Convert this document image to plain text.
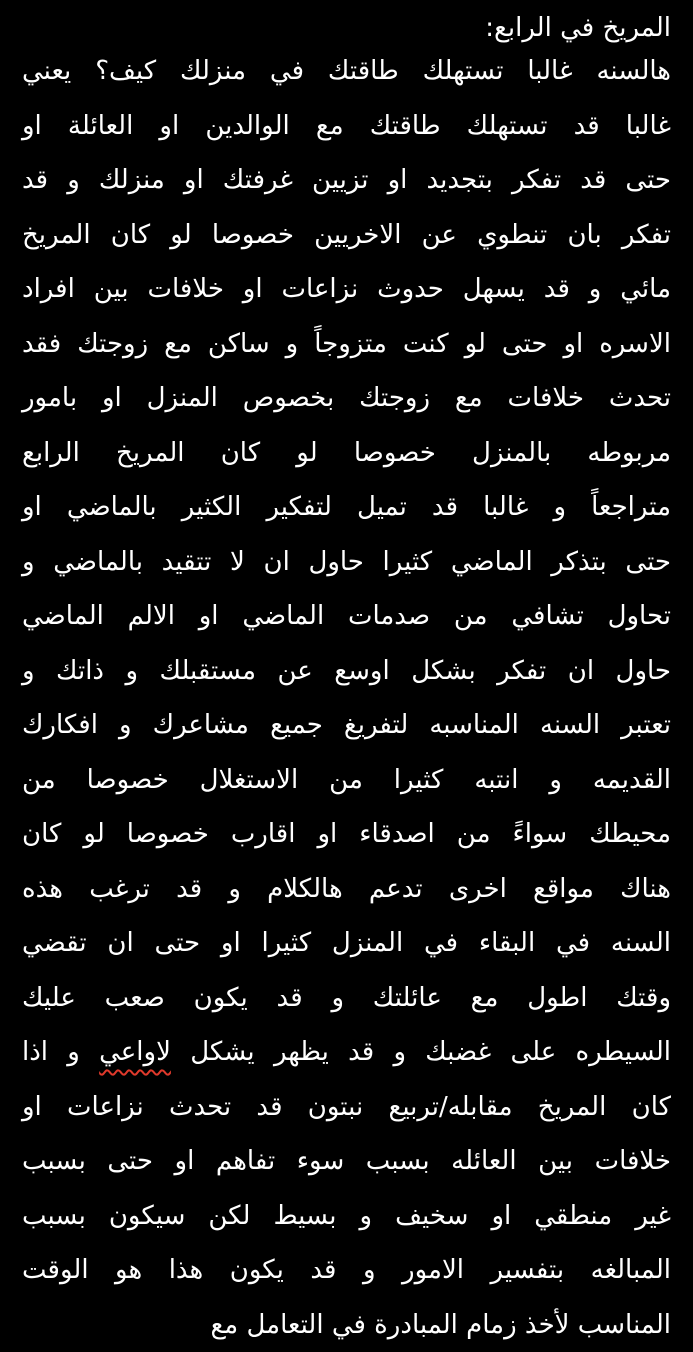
المريخ في الرابع:
هالسنه غالبا تستهلك طاقتك في منزلك كيف؟ يعني
غالبا قد تستهلك طاقتك مع الوالدين او العائلة او
حتى قد تفكر بتجديد او تزيين غرفتك او منزلك و قد
تفكر بان تنطوي عن الاخريين خصوصا لو كان المريخ
مائي و قد يسهل حدوث نزاعات او خلافات بين افراد
الاسره او حتى لو كنت متزوجاً و ساكن مع زوجتك فقد
تحدث خلافات مع زوجتك بخصوص المنزل او بامور
مربوطه بالمنزل خصوصا لو كان المريخ الرابع
متراجعاً و غالبا قد تميل لتفكير الكثير بالماضي او
حتى بتذكر الماضي كثيرا حاول ان لا تتقيد بالماضي و
تحاول تشافي من صدمات الماضي او الالم الماضي
حاول ان تفكر بشكل اوسع عن مستقبلك و ذاتك و
تعتبر السنه المناسبه لتفريغ جميع مشاعرك و افكارك
القديمه و انتبه كثيرا من الاستغلال خصوصا من
محيطك سواءً من اصدقاء او اقارب خصوصا لو كان
هناك مواقع اخرى تدعم هالكلام و قد ترغب هذه
السنه في البقاء في المنزل كثيرا او حتى ان تقضي
وقتك اطول مع عائلتك و قد يكون صعب عليك
السيطره على غضبك و قد يظهر يشكل لاواعي و اذا
كان المريخ مقابله/تربيع نبتون قد تحدث نزاعات او
خلافات بين العائله بسبب سوء تفاهم او حتى بسبب
غير منطقي او سخيف و بسيط لكن سيكون بسبب
المبالغه بتفسير الامور و قد يكون هذا هو الوقت
المناسب لأخذ زمام المبادرة في التعامل مع
